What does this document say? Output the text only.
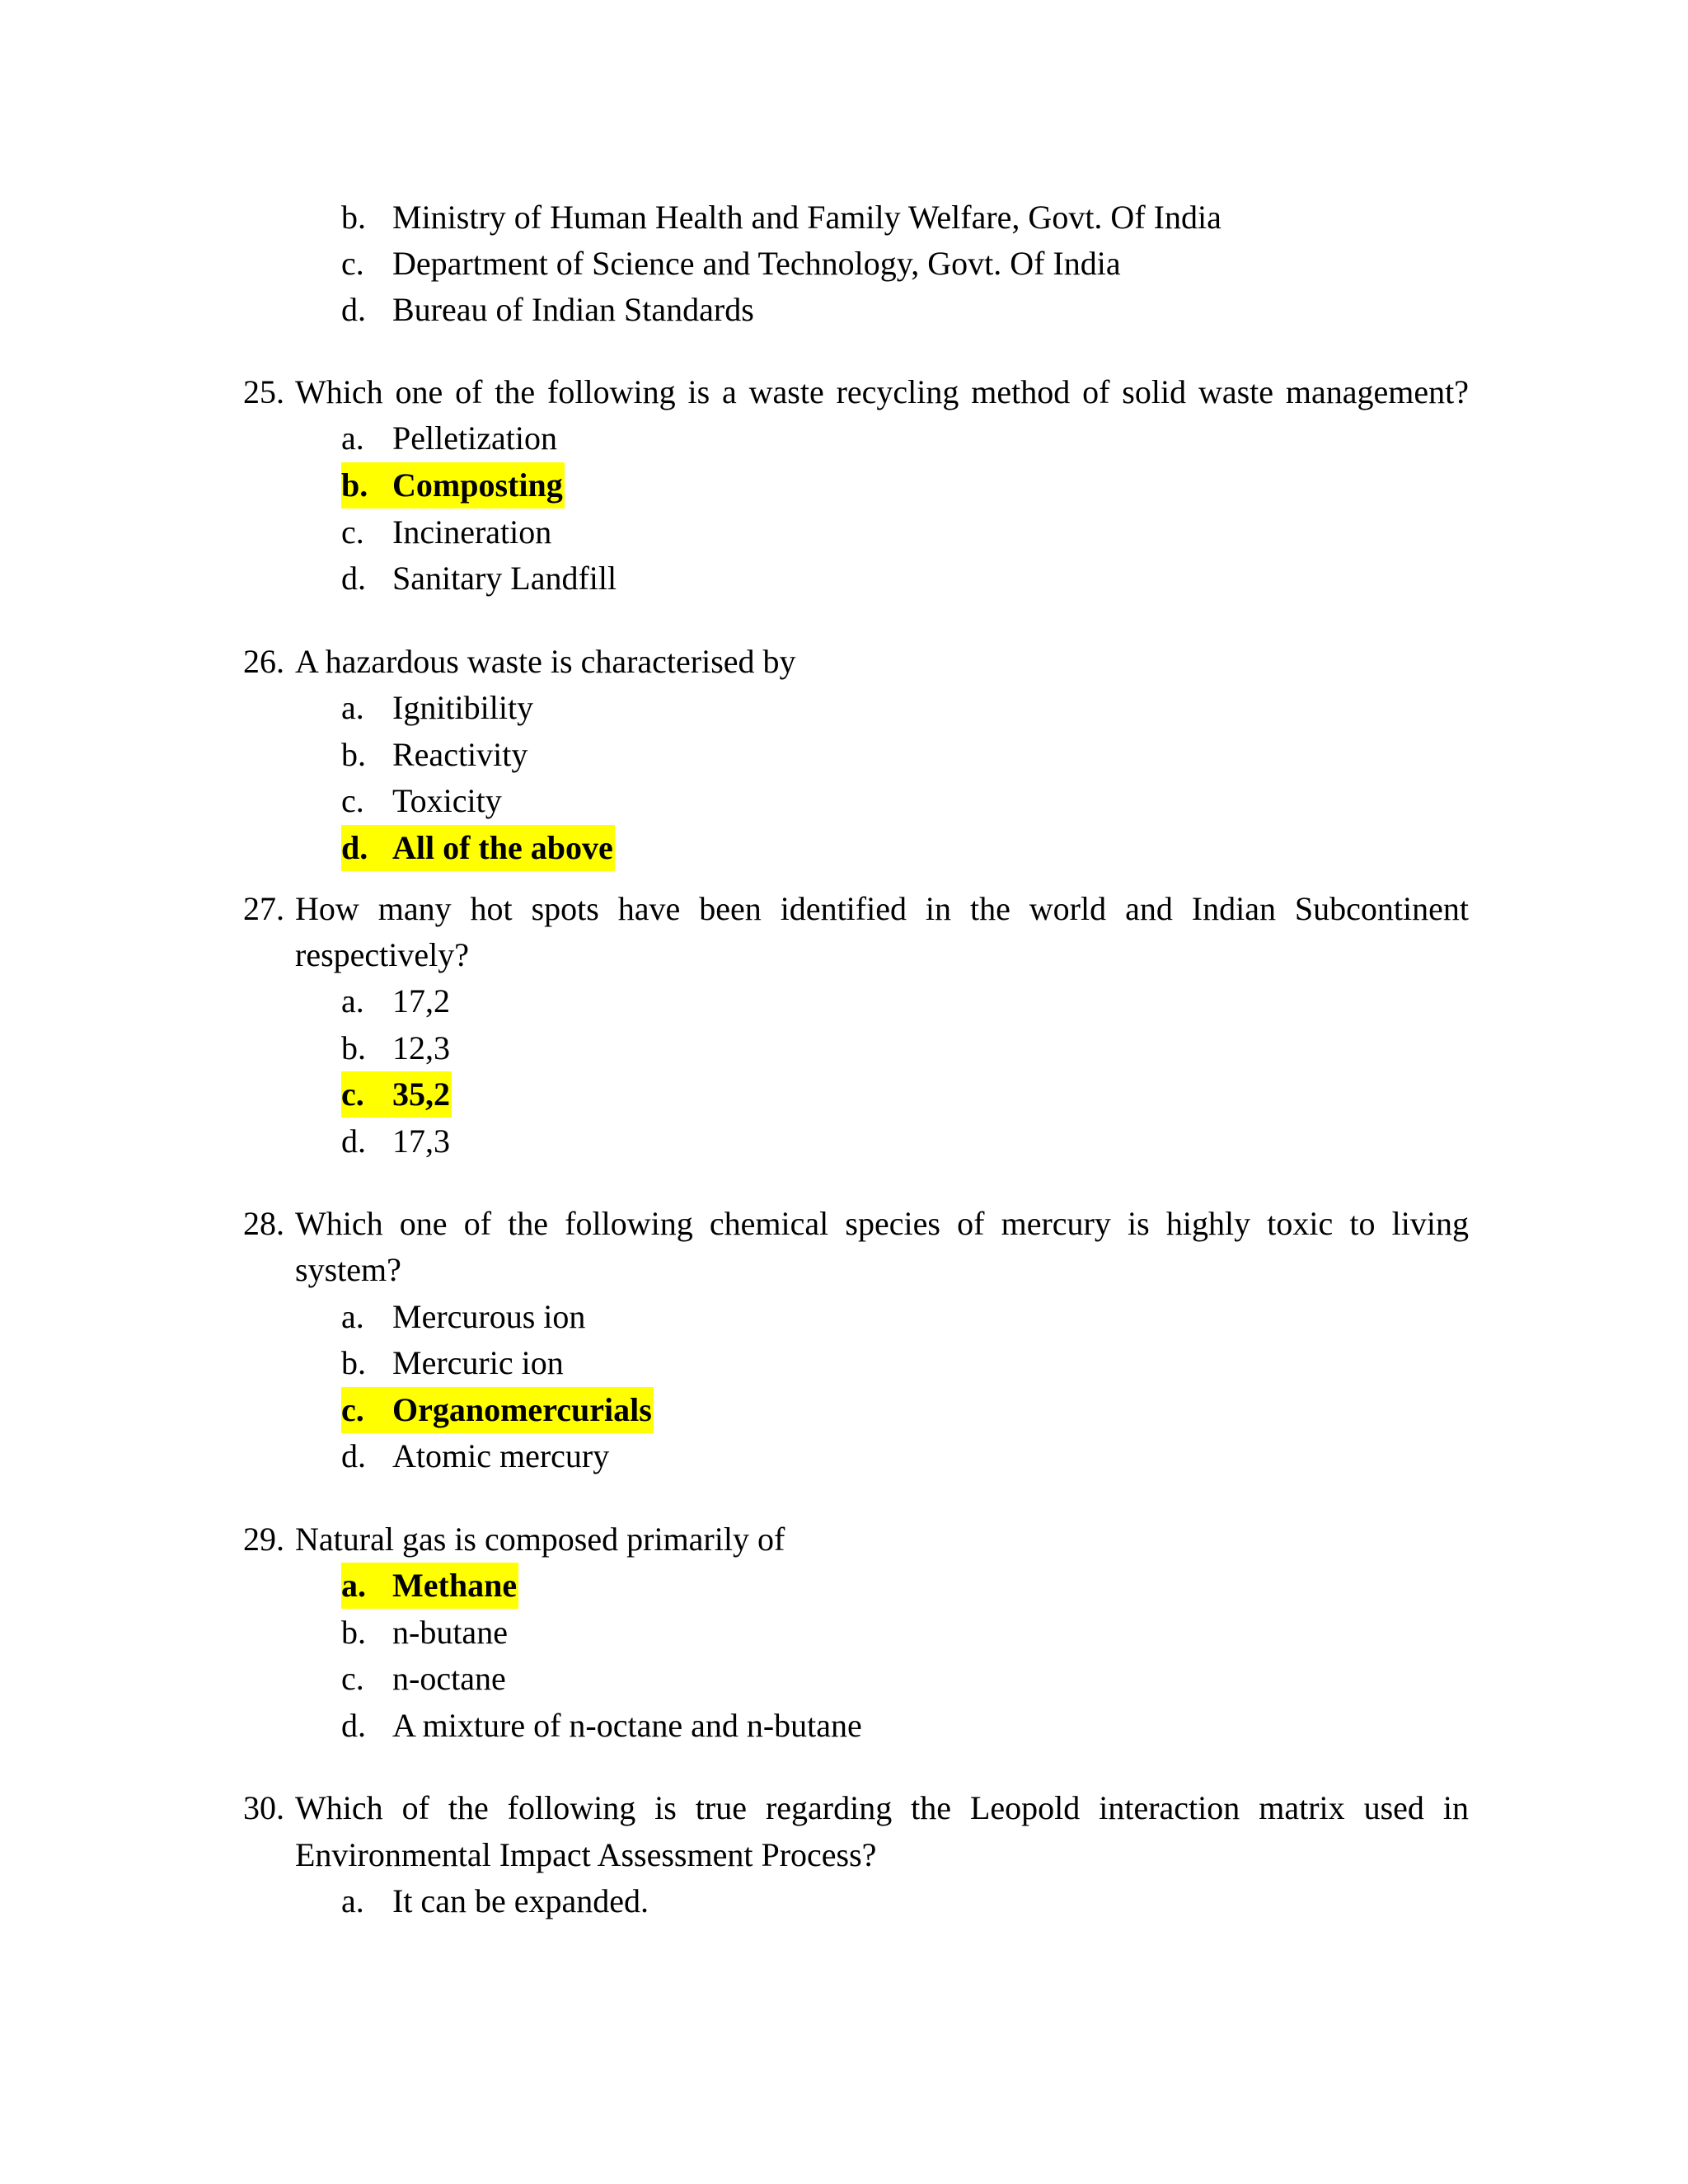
b. Ministry of Human Health and Family Welfare, Govt. Of India
c. Department of Science and Technology, Govt. Of India
d. Bureau of Indian Standards
25. Which one of the following is a waste recycling method of solid waste management?
a. Pelletization
b. Composting
c. Incineration
d. Sanitary Landfill
26. A hazardous waste is characterised by
a. Ignitibility
b. Reactivity
c. Toxicity
d. All of the above
27. How many hot spots have been identified in the world and Indian Subcontinent
respectively?
a. 17,2
b. 12,3
c. 35,2
d. 17,3
28. Which one of the following chemical species of mercury is highly toxic to living
system?
a. Mercurous ion
b. Mercuric ion
c. Organomercurials
d. Atomic mercury
29. Natural gas is composed primarily of
a. Methane
b. n-butane
c. n-octane
d. A mixture of n-octane and n-butane
30. Which of the following is true regarding the Leopold interaction matrix used in
Environmental Impact Assessment Process?
a. It can be expanded.
